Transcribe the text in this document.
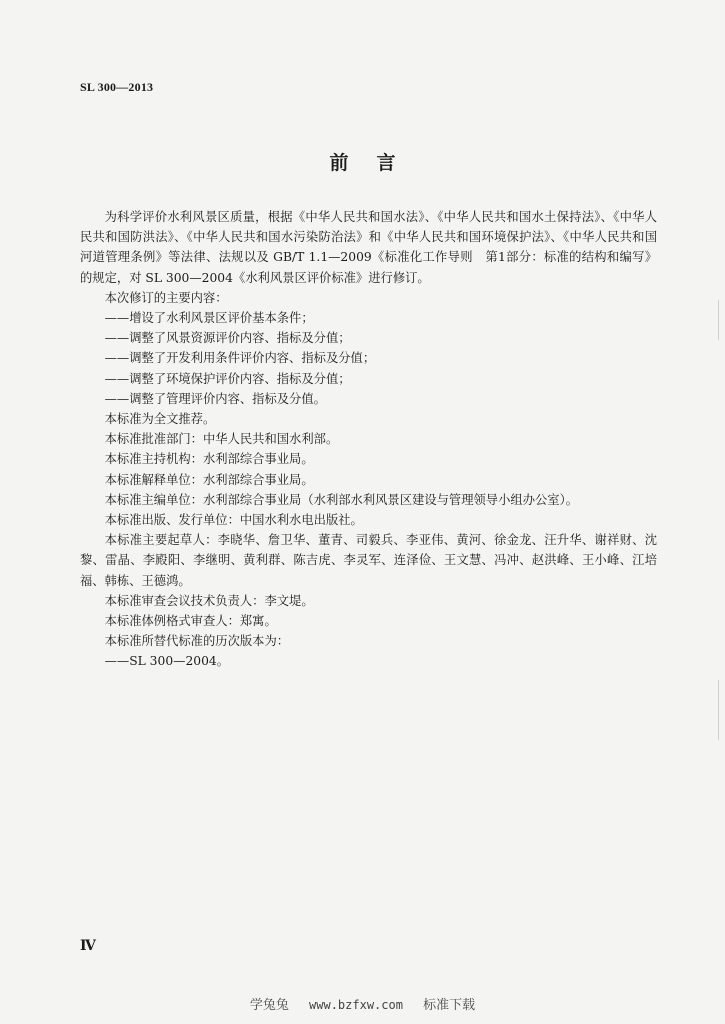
SL 300—2013
前言

为科学评价水利风景区质量，根据《中华人民共和国水法》、《中华人民共和国水土保持法》、《中华人民共和国防洪法》、《中华人民共和国水污染防治法》和《中华人民共和国环境保护法》、《中华人民共和国河道管理条例》等法律、法规以及 GB/T 1.1—2009《标准化工作导则　第1部分：标准的结构和编写》的规定，对 SL 300—2004《水利风景区评价标准》进行修订。

本次修订的主要内容：

——增设了水利风景区评价基本条件；

——调整了风景资源评价内容、指标及分值；

——调整了开发利用条件评价内容、指标及分值；

——调整了环境保护评价内容、指标及分值；

——调整了管理评价内容、指标及分值。

本标准为全文推荐。

本标准批准部门：中华人民共和国水利部。

本标准主持机构：水利部综合事业局。

本标准解释单位：水利部综合事业局。

本标准主编单位：水利部综合事业局（水利部水利风景区建设与管理领导小组办公室）。

本标准出版、发行单位：中国水利水电出版社。

本标准主要起草人：李晓华、詹卫华、董青、司毅兵、李亚伟、黄河、徐金龙、汪升华、谢祥财、沈黎、雷晶、李殿阳、李继明、黄利群、陈吉虎、李灵军、连泽俭、王文慧、冯冲、赵洪峰、王小峰、江培福、韩栋、王德鸿。

本标准审查会议技术负责人：李文堤。

本标准体例格式审查人：郑寓。

本标准所替代标准的历次版本为：

——SL 300—2004。

Ⅳ
学兔兔 www.bzfxw.com 标准下载
